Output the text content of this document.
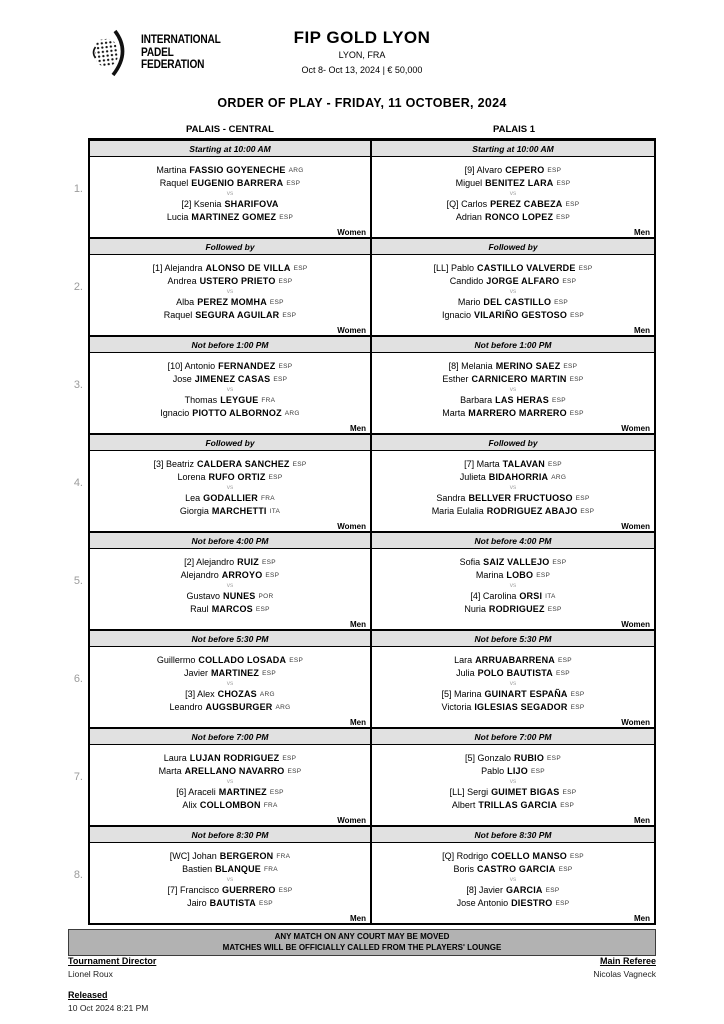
INTERNATIONAL
PADEL
FEDERATION
FIP GOLD LYON
LYON, FRA
Oct 8- Oct 13, 2024 | € 50,000
ORDER OF PLAY - FRIDAY, 11 OCTOBER, 2024
PALAIS - CENTRAL	PALAIS 1
1.
Starting at 10:00 AM
Martina FASSIO GOYENECHE ARG
Raquel EUGENIO BARRERA ESP
vs
[2] Ksenia SHARIFOVA
Lucia MARTINEZ GOMEZ ESP
Women
Starting at 10:00 AM
[9] Alvaro CEPERO ESP
Miguel BENITEZ LARA ESP
vs
[Q] Carlos PEREZ CABEZA ESP
Adrian RONCO LOPEZ ESP
Men
2.
Followed by
[1] Alejandra ALONSO DE VILLA ESP
Andrea USTERO PRIETO ESP
vs
Alba PEREZ MOMHA ESP
Raquel SEGURA AGUILAR ESP
Women
Followed by
[LL] Pablo CASTILLO VALVERDE ESP
Candido JORGE ALFARO ESP
vs
Mario DEL CASTILLO ESP
Ignacio VILARIÑO GESTOSO ESP
Men
3.
Not before 1:00 PM
[10] Antonio FERNANDEZ ESP
Jose JIMENEZ CASAS ESP
vs
Thomas LEYGUE FRA
Ignacio PIOTTO ALBORNOZ ARG
Men
Not before 1:00 PM
[8] Melania MERINO SAEZ ESP
Esther CARNICERO MARTIN ESP
vs
Barbara LAS HERAS ESP
Marta MARRERO MARRERO ESP
Women
4.
Followed by
[3] Beatriz CALDERA SANCHEZ ESP
Lorena RUFO ORTIZ ESP
vs
Lea GODALLIER FRA
Giorgia MARCHETTI ITA
Women
Followed by
[7] Marta TALAVAN ESP
Julieta BIDAHORRIA ARG
vs
Sandra BELLVER FRUCTUOSO ESP
Maria Eulalia RODRIGUEZ ABAJO ESP
Women
5.
Not before 4:00 PM
[2] Alejandro RUIZ ESP
Alejandro ARROYO ESP
vs
Gustavo NUNES POR
Raul MARCOS ESP
Men
Not before 4:00 PM
Sofia SAIZ VALLEJO ESP
Marina LOBO ESP
vs
[4] Carolina ORSI ITA
Nuria RODRIGUEZ ESP
Women
6.
Not before 5:30 PM
Guillermo COLLADO LOSADA ESP
Javier MARTINEZ ESP
vs
[3] Alex CHOZAS ARG
Leandro AUGSBURGER ARG
Men
Not before 5:30 PM
Lara ARRUABARRENA ESP
Julia POLO BAUTISTA ESP
vs
[5] Marina GUINART ESPAÑA ESP
Victoria IGLESIAS SEGADOR ESP
Women
7.
Not before 7:00 PM
Laura LUJAN RODRIGUEZ ESP
Marta ARELLANO NAVARRO ESP
vs
[6] Araceli MARTINEZ ESP
Alix COLLOMBON FRA
Women
Not before 7:00 PM
[5] Gonzalo RUBIO ESP
Pablo LIJO ESP
vs
[LL] Sergi GUIMET BIGAS ESP
Albert TRILLAS GARCIA ESP
Men
8.
Not before 8:30 PM
[WC] Johan BERGERON FRA
Bastien BLANQUE FRA
vs
[7] Francisco GUERRERO ESP
Jairo BAUTISTA ESP
Men
Not before 8:30 PM
[Q] Rodrigo COELLO MANSO ESP
Boris CASTRO GARCIA ESP
vs
[8] Javier GARCIA ESP
Jose Antonio DIESTRO ESP
Men
ANY MATCH ON ANY COURT MAY BE MOVED
MATCHES WILL BE OFFICIALLY CALLED FROM THE PLAYERS' LOUNGE
Tournament Director
Lionel Roux
Released
10 Oct 2024 8:21 PM
Main Referee
Nicolas Vagneck
